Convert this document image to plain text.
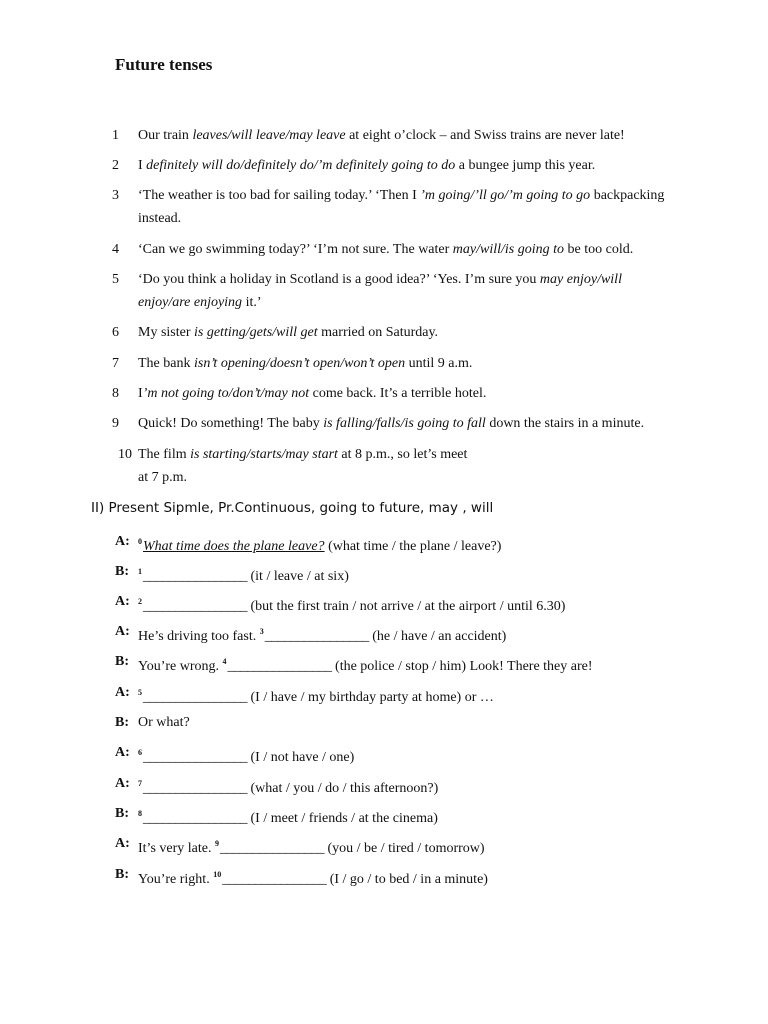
Future tenses
1	Our train leaves/will leave/may leave at eight o’clock – and Swiss trains are never late!
2	I definitely will do/definitely do/’m definitely going to do a bungee jump this year.
3	‘The weather is too bad for sailing today.’ ‘Then I ’m going/’ll go/’m going to go backpacking
instead.
4	‘Can we go swimming today?’ ‘I’m not sure. The water may/will/is going to be too cold.
5	‘Do you think a holiday in Scotland is a good idea?’ ‘Yes. I’m sure you may enjoy/will
enjoy/are enjoying it.’
6	My sister is getting/gets/will get married on Saturday.
7	The bank isn’t opening/doesn’t open/won’t open until 9 a.m.
8	I’m not going to/don’t/may not come back. It’s a terrible hotel.
9	Quick! Do something! The baby is falling/falls/is going to fall down the stairs in a minute.
10 The film is starting/starts/may start at 8 p.m., so let’s meet
at 7 p.m.
II) Present Sipmle, Pr.Continuous, going to future, may , will
A: $^0$What time does the plane leave? (what time / the plane / leave?)
B: $^1$________________ (it / leave / at six)
A: $^2$________________ (but the first train / not arrive / at the airport / until 6.30)
A: He’s driving too fast. $^3$________________ (he / have / an accident)
B: You’re wrong. $^4$________________ (the police / stop / him) Look! There they are!
A: $^5$________________ (I / have / my birthday party at home) or …
B: Or what?
A: $^6$________________ (I / not have / one)
A: $^7$________________ (what / you / do / this afternoon?)
B: $^8$________________ (I / meet / friends / at the cinema)
A: It’s very late. $^9$________________ (you / be / tired / tomorrow)
B: You’re right. $^{10}$________________ (I / go / to bed / in a minute)
